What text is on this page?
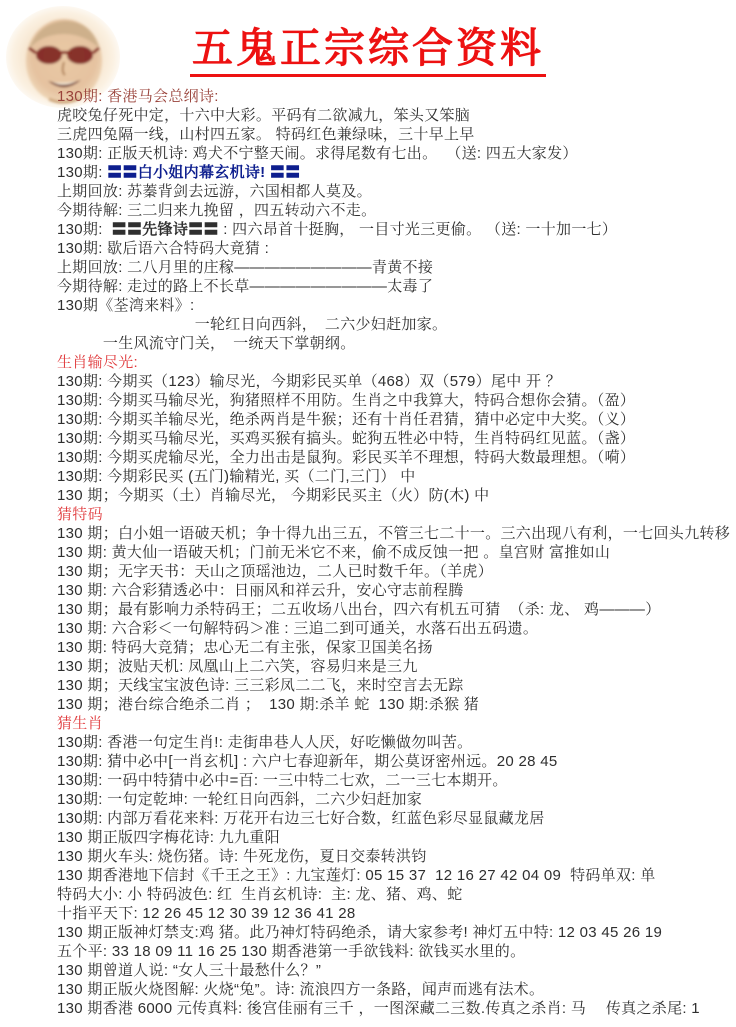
五鬼正宗综合资料
130期: 香港马会总纲诗:
虎咬兔仔死中定，十六中大彩。平码有二欲减九，笨头又笨脑
三虎四兔隔一线，山村四五家。 特码红色兼绿味，三十早上早
130期: 正版天机诗: 鸡犬不宁整天闹。求得尾数有七出。  （送: 四五大家发）
130期: 〓〓白小姐内幕玄机诗! 〓〓
上期回放: 苏蓁背剑去远游，六国相都人莫及。
今期待解: 三二归来九挽留 ，四五转动六不走。
130期:  〓〓先锋诗〓〓 : 四六昂首十挺胸， 一目寸光三更偷。 （送: 一十加一七）
130期: 歇后语六合特码大竟猜 :
上期回放: 二八月里的庄稼—————————青黄不接
今期待解: 走过的路上不长草—————————太毒了
130期《荃湾来料》:
　　　　　　　　　一轮红日向西斜，　二六少妇赶加家。
　　　一生风流守门关，　一统天下掌朝纲。
生肖输尽光:
130期: 今期买（123）输尽光，今期彩民买单（468）双（579）尾中 开 ？
130期: 今期买马输尽光，狗猪照样不用防。生肖之中我算大，特码合想你会猜。（盈）
130期: 今期买羊输尽光，绝杀两肖是牛猴；还有十肖任君猜，猜中必定中大奖。（义）
130期: 今期买马输尽光，买鸡买猴有搞头。蛇狗五牲必中特，生肖特码红见蓝。（盏）
130期: 今期买虎输尽光，全力出击是鼠狗。彩民买羊不理想，特码大数最理想。（嗬）
130期: 今期彩民买 (五门)输精光, 买（二门,三门） 中
130 期；今期买（土）肖输尽光， 今期彩民买主（火）防(木) 中
猜特码
130 期；白小姐一语破天机；争十得九出三五，不管三七二十一。三六出现八有利，一七回头九转移
130 期: 黄大仙一语破天机；门前无米它不来，偷不成反蚀一把 。皇宫财 富推如山
130 期；无字天书：天山之顶瑶池边，二人已时数千年。（羊虎）
130 期: 六合彩猜透必中：日丽风和祥云升，安心守志前程腾
130 期；最有影响力杀特码王；二五收场八出台，四六有机五可猜  （杀: 龙、 鸡———）
130 期: 六合彩＜一句解特码＞准 : 三追二到可通关，水落石出五码遗。
130 期: 特码大竞猜；忠心无二有主张，保家卫国美名扬
130 期；波贴天机: 凤凰山上二六笑，容易归来是三九
130 期；天线宝宝波色诗: 三三彩凤二二飞，来时空言去无踪
130 期；港台综合绝杀二肖 ；  130 期:杀羊 蛇  130 期:杀猴 猪
猜生肖
130期: 香港一句定生肖!: 走街串巷人人厌，好吃懒做勿叫苦。
130期: 猜中必中[一肖玄机] : 六户七春迎新年，期公莫讶密州远。20 28 45
130期: 一码中特猜中必中=百: 一三中特二七欢，二一三七本期开。
130期: 一句定乾坤: 一轮红日向西斜，二六少妇赶加家
130期: 内部万看花来料: 万花开右边三七好合数，红蓝色彩尽显鼠藏龙居
130 期正版四字梅花诗: 九九重阳
130 期火车头: 烧伤猪。诗: 牛死龙伤，夏日交泰转洪钧
130 期香港地下信封《千王之王》: 九宝莲灯: 05 15 37  12 16 27 42 04 09  特码单双: 单
特码大小: 小 特码波色: 红  生肖玄机诗:  主: 龙、猪、鸡、蛇
十指平天下: 12 26 45 12 30 39 12 36 41 28
130 期正版神灯禁支:鸡 猪。此乃神灯特码绝杀，请大家参考! 神灯五中特: 12 03 45 26 19
五个平: 33 18 09 11 16 25 130 期香港第一手欲钱料: 欲钱买水里的。
130 期曾道人说: “女人三十最愁什么？”
130 期正版火烧图解: 火烧“兔”。诗: 流浪四方一条路，闻声而逃有法术。
130 期香港 6000 元传真料: 後宫佳丽有三千 ，一图深藏二三数.传真之杀肖: 马　 传真之杀尾: 1
